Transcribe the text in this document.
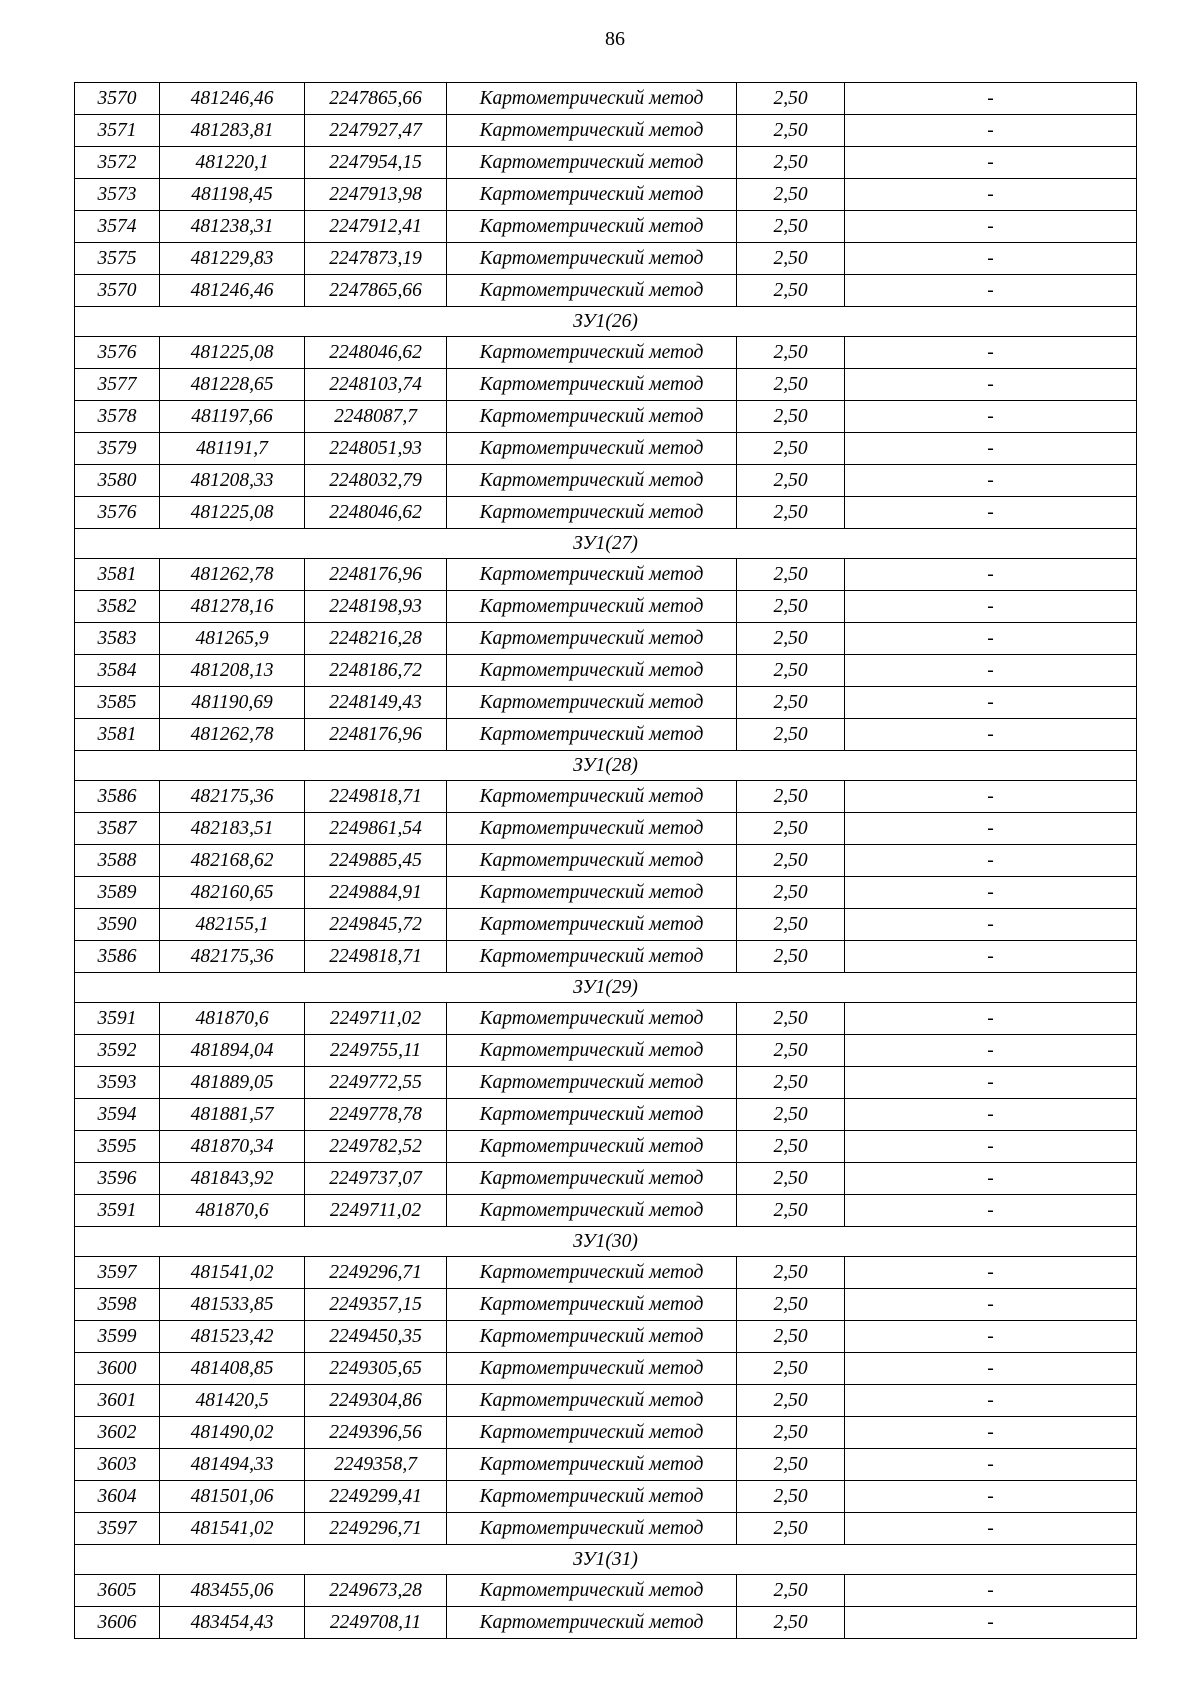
86
3570	481246,46	2247865,66	Картометрический метод	2,50	-
3571	481283,81	2247927,47	Картометрический метод	2,50	-
3572	481220,1	2247954,15	Картометрический метод	2,50	-
3573	481198,45	2247913,98	Картометрический метод	2,50	-
3574	481238,31	2247912,41	Картометрический метод	2,50	-
3575	481229,83	2247873,19	Картометрический метод	2,50	-
3570	481246,46	2247865,66	Картометрический метод	2,50	-
ЗУ1(26)					
3576	481225,08	2248046,62	Картометрический метод	2,50	-
3577	481228,65	2248103,74	Картометрический метод	2,50	-
3578	481197,66	2248087,7	Картометрический метод	2,50	-
3579	481191,7	2248051,93	Картометрический метод	2,50	-
3580	481208,33	2248032,79	Картометрический метод	2,50	-
3576	481225,08	2248046,62	Картометрический метод	2,50	-
ЗУ1(27)					
3581	481262,78	2248176,96	Картометрический метод	2,50	-
3582	481278,16	2248198,93	Картометрический метод	2,50	-
3583	481265,9	2248216,28	Картометрический метод	2,50	-
3584	481208,13	2248186,72	Картометрический метод	2,50	-
3585	481190,69	2248149,43	Картометрический метод	2,50	-
3581	481262,78	2248176,96	Картометрический метод	2,50	-
ЗУ1(28)					
3586	482175,36	2249818,71	Картометрический метод	2,50	-
3587	482183,51	2249861,54	Картометрический метод	2,50	-
3588	482168,62	2249885,45	Картометрический метод	2,50	-
3589	482160,65	2249884,91	Картометрический метод	2,50	-
3590	482155,1	2249845,72	Картометрический метод	2,50	-
3586	482175,36	2249818,71	Картометрический метод	2,50	-
ЗУ1(29)					
3591	481870,6	2249711,02	Картометрический метод	2,50	-
3592	481894,04	2249755,11	Картометрический метод	2,50	-
3593	481889,05	2249772,55	Картометрический метод	2,50	-
3594	481881,57	2249778,78	Картометрический метод	2,50	-
3595	481870,34	2249782,52	Картометрический метод	2,50	-
3596	481843,92	2249737,07	Картометрический метод	2,50	-
3591	481870,6	2249711,02	Картометрический метод	2,50	-
ЗУ1(30)					
3597	481541,02	2249296,71	Картометрический метод	2,50	-
3598	481533,85	2249357,15	Картометрический метод	2,50	-
3599	481523,42	2249450,35	Картометрический метод	2,50	-
3600	481408,85	2249305,65	Картометрический метод	2,50	-
3601	481420,5	2249304,86	Картометрический метод	2,50	-
3602	481490,02	2249396,56	Картометрический метод	2,50	-
3603	481494,33	2249358,7	Картометрический метод	2,50	-
3604	481501,06	2249299,41	Картометрический метод	2,50	-
3597	481541,02	2249296,71	Картометрический метод	2,50	-
ЗУ1(31)					
3605	483455,06	2249673,28	Картометрический метод	2,50	-
3606	483454,43	2249708,11	Картометрический метод	2,50	-
